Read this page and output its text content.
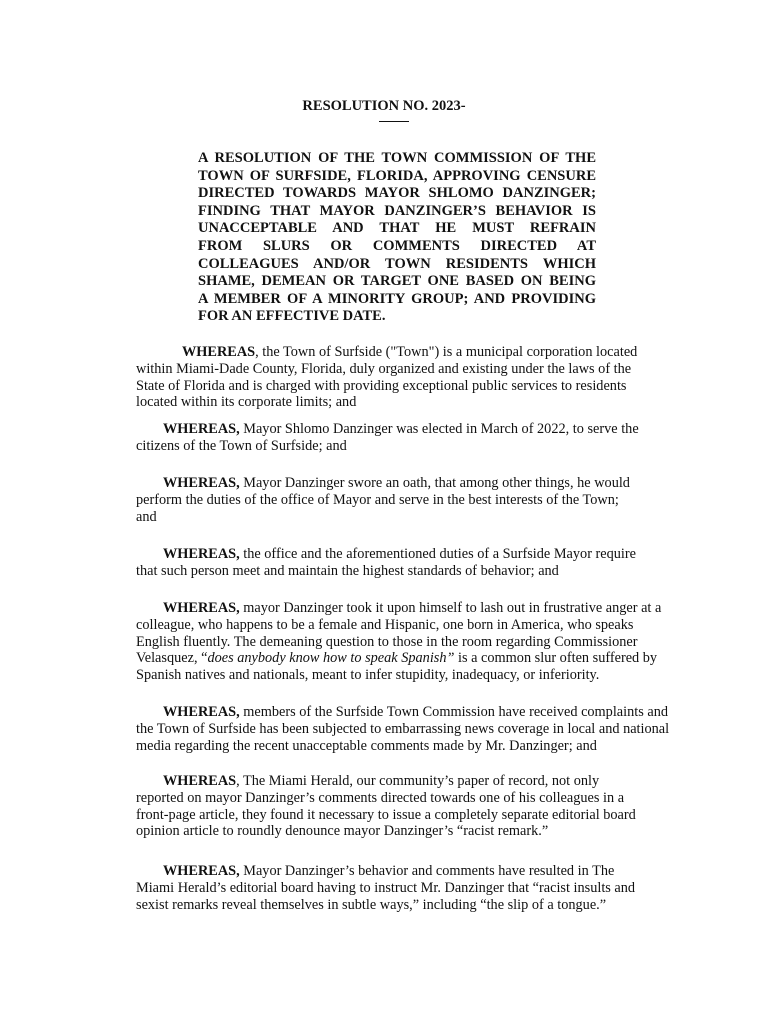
RESOLUTION NO. 2023-
A RESOLUTION OF THE TOWN COMMISSION OF THE
TOWN OF SURFSIDE, FLORIDA, APPROVING CENSURE
DIRECTED TOWARDS MAYOR SHLOMO DANZINGER;
FINDING THAT MAYOR DANZINGER’S BEHAVIOR IS
UNACCEPTABLE AND THAT HE MUST REFRAIN
FROM SLURS OR COMMENTS DIRECTED AT
COLLEAGUES AND/OR TOWN RESIDENTS WHICH
SHAME, DEMEAN OR TARGET ONE BASED ON BEING
A MEMBER OF A MINORITY GROUP; AND PROVIDING
FOR AN EFFECTIVE DATE.
WHEREAS, the Town of Surfside ("Town") is a municipal corporation located
within Miami-Dade County, Florida, duly organized and existing under the laws of the
State of Florida and is charged with providing exceptional public services to residents
located within its corporate limits; and
WHEREAS, Mayor Shlomo Danzinger was elected in March of 2022, to serve the
citizens of the Town of Surfside; and
WHEREAS, Mayor Danzinger swore an oath, that among other things, he would
perform the duties of the office of Mayor and serve in the best interests of the Town;
and
WHEREAS, the office and the aforementioned duties of a Surfside Mayor require
that such person meet and maintain the highest standards of behavior; and
WHEREAS, mayor Danzinger took it upon himself to lash out in frustrative anger at a
colleague, who happens to be a female and Hispanic, one born in America, who speaks
English fluently. The demeaning question to those in the room regarding Commissioner
Velasquez, “does anybody know how to speak Spanish” is a common slur often suffered by
Spanish natives and nationals, meant to infer stupidity, inadequacy, or inferiority.
WHEREAS, members of the Surfside Town Commission have received complaints and
the Town of Surfside has been subjected to embarrassing news coverage in local and national
media regarding the recent unacceptable comments made by Mr. Danzinger; and
WHEREAS, The Miami Herald, our community’s paper of record, not only
reported on mayor Danzinger’s comments directed towards one of his colleagues in a
front-page article, they found it necessary to issue a completely separate editorial board
opinion article to roundly denounce mayor Danzinger’s “racist remark.”
WHEREAS, Mayor Danzinger’s behavior and comments have resulted in The
Miami Herald’s editorial board having to instruct Mr. Danzinger that “racist insults and
sexist remarks reveal themselves in subtle ways,” including “the slip of a tongue.”
